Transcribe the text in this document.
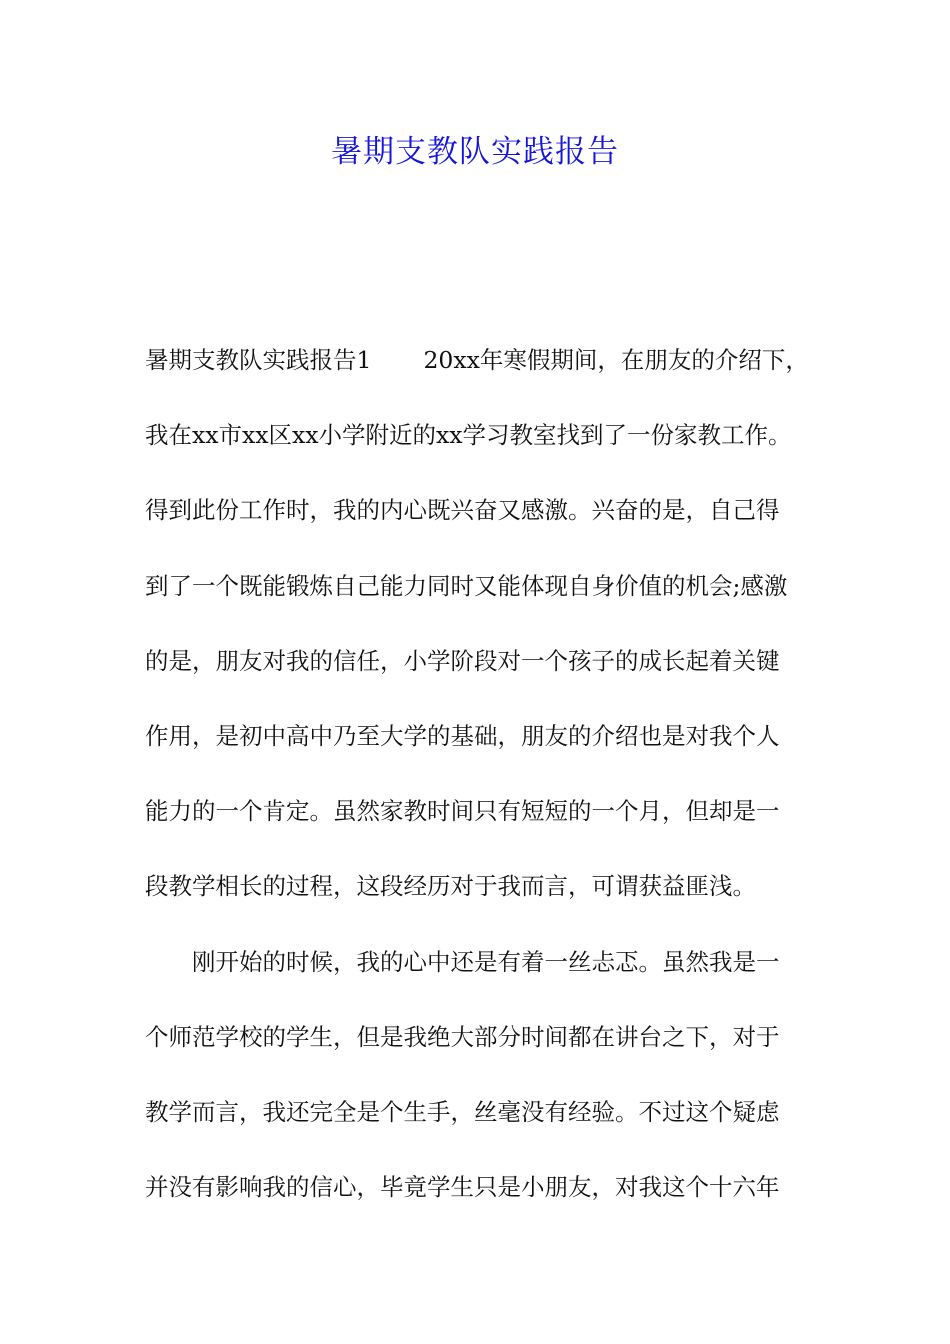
暑期支教队实践报告
暑期支教队实践报告1 20xx年寒假期间，在朋友的介绍下，
我在xx市xx区xx小学附近的xx学习教室找到了一份家教工作。
得到此份工作时，我的内心既兴奋又感激。兴奋的是，自己得
到了一个既能锻炼自己能力同时又能体现自身价值的机会;感激
的是，朋友对我的信任，小学阶段对一个孩子的成长起着关键
作用，是初中高中乃至大学的基础，朋友的介绍也是对我个人
能力的一个肯定。虽然家教时间只有短短的一个月，但却是一
段教学相长的过程，这段经历对于我而言，可谓获益匪浅。
刚开始的时候，我的心中还是有着一丝忐忑。虽然我是一
个师范学校的学生，但是我绝大部分时间都在讲台之下，对于
教学而言，我还完全是个生手，丝毫没有经验。不过这个疑虑
并没有影响我的信心，毕竟学生只是小朋友，对我这个十六年
